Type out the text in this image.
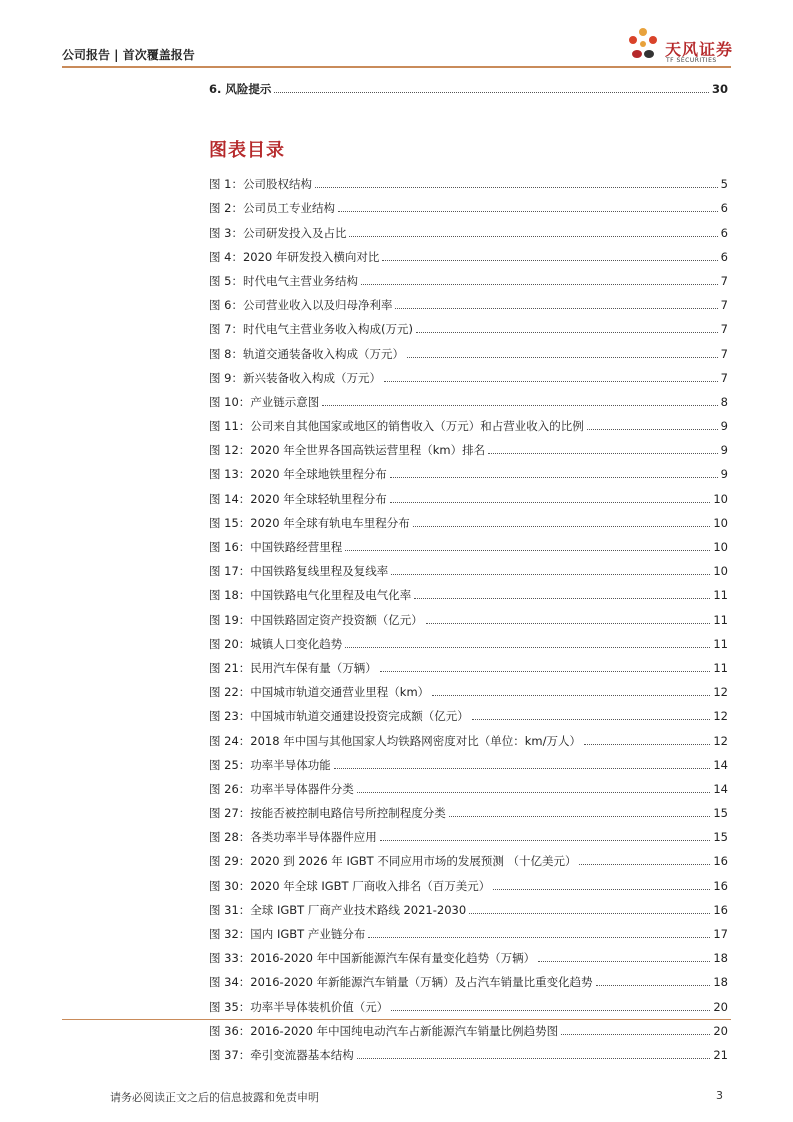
公司报告 | 首次覆盖报告	天风证券
TF SECURITIES
6. 风险提示	30
图表目录
图 1：公司股权结构	5
图 2：公司员工专业结构	6
图 3：公司研发投入及占比	6
图 4：2020 年研发投入横向对比	6
图 5：时代电气主营业务结构	7
图 6：公司营业收入以及归母净利率	7
图 7：时代电气主营业务收入构成(万元)	7
图 8：轨道交通装备收入构成（万元）	7
图 9：新兴装备收入构成（万元）	7
图 10：产业链示意图	8
图 11：公司来自其他国家或地区的销售收入（万元）和占营业收入的比例	9
图 12：2020 年全世界各国高铁运营里程（km）排名	9
图 13：2020 年全球地铁里程分布	9
图 14：2020 年全球轻轨里程分布	10
图 15：2020 年全球有轨电车里程分布	10
图 16：中国铁路经营里程	10
图 17：中国铁路复线里程及复线率	10
图 18：中国铁路电气化里程及电气化率	11
图 19：中国铁路固定资产投资额（亿元）	11
图 20：城镇人口变化趋势	11
图 21：民用汽车保有量（万辆）	11
图 22：中国城市轨道交通营业里程（km）	12
图 23：中国城市轨道交通建设投资完成额（亿元）	12
图 24：2018 年中国与其他国家人均铁路网密度对比（单位：km/万人）	12
图 25：功率半导体功能	14
图 26：功率半导体器件分类	14
图 27：按能否被控制电路信号所控制程度分类	15
图 28：各类功率半导体器件应用	15
图 29：2020 到 2026 年 IGBT 不同应用市场的发展预测 （十亿美元）	16
图 30：2020 年全球 IGBT 厂商收入排名（百万美元）	16
图 31：全球 IGBT 厂商产业技术路线 2021-2030	16
图 32：国内 IGBT 产业链分布	17
图 33：2016-2020 年中国新能源汽车保有量变化趋势（万辆）	18
图 34：2016-2020 年新能源汽车销量（万辆）及占汽车销量比重变化趋势	18
图 35：功率半导体装机价值（元）	20
图 36：2016-2020 年中国纯电动汽车占新能源汽车销量比例趋势图	20
图 37：牵引变流器基本结构	21
请务必阅读正文之后的信息披露和免责申明	3
